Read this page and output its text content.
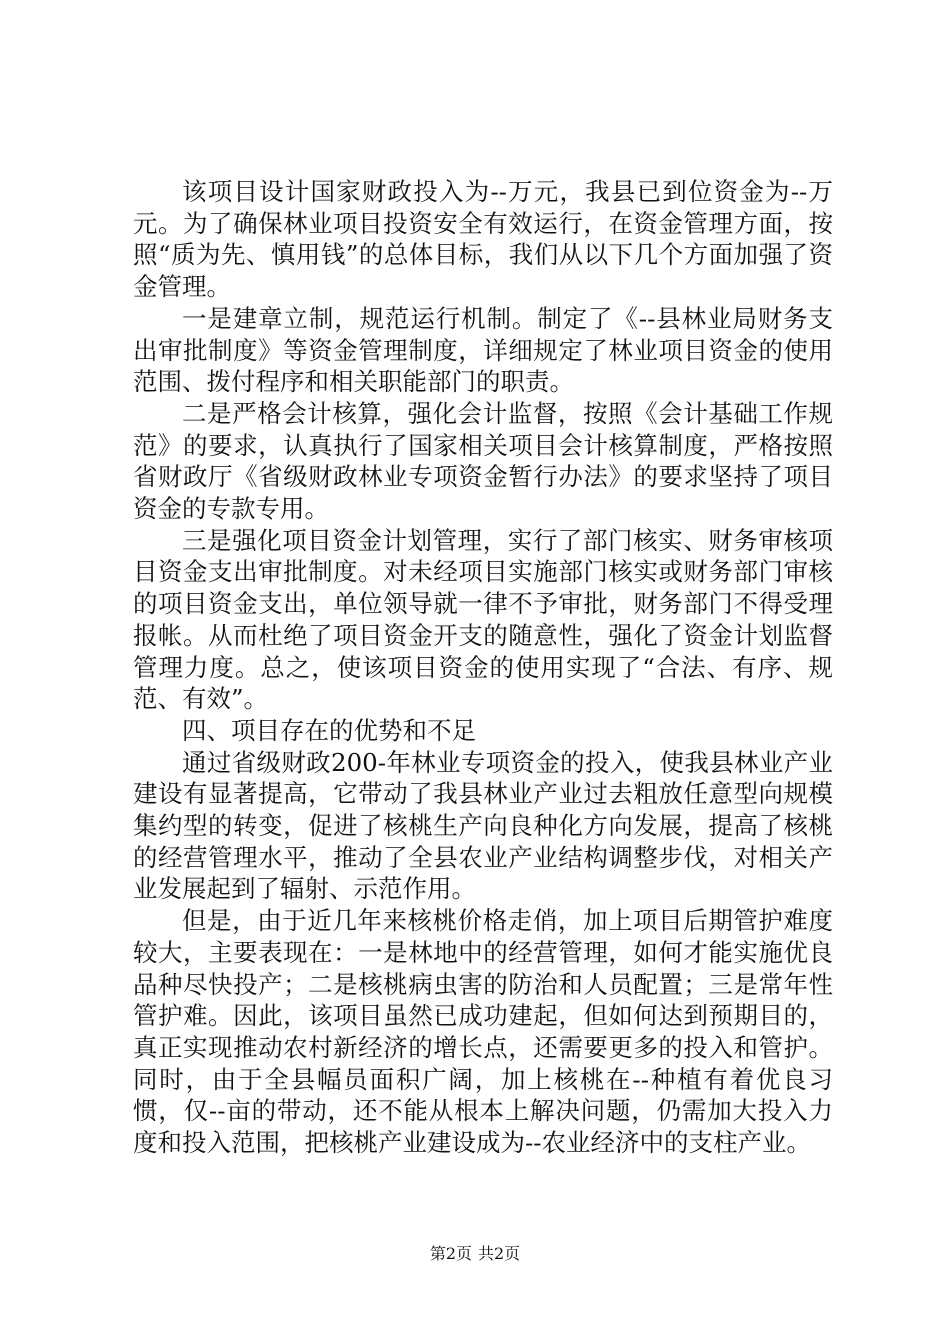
该项目设计国家财政投入为--万元，我县已到位资金为--万元。为了确保林业项目投资安全有效运行，在资金管理方面，按照“质为先、慎用钱”的总体目标，我们从以下几个方面加强了资金管理。

一是建章立制，规范运行机制。制定了《--县林业局财务支出审批制度》等资金管理制度，详细规定了林业项目资金的使用范围、拨付程序和相关职能部门的职责。

二是严格会计核算，强化会计监督，按照《会计基础工作规范》的要求，认真执行了国家相关项目会计核算制度，严格按照省财政厅《省级财政林业专项资金暂行办法》的要求坚持了项目资金的专款专用。

三是强化项目资金计划管理，实行了部门核实、财务审核项目资金支出审批制度。对未经项目实施部门核实或财务部门审核的项目资金支出，单位领导就一律不予审批，财务部门不得受理报帐。从而杜绝了项目资金开支的随意性，强化了资金计划监督管理力度。总之，使该项目资金的使用实现了“合法、有序、规范、有效”。

四、项目存在的优势和不足

通过省级财政200-年林业专项资金的投入，使我县林业产业建设有显著提高，它带动了我县林业产业过去粗放任意型向规模集约型的转变，促进了核桃生产向良种化方向发展，提高了核桃的经营管理水平，推动了全县农业产业结构调整步伐，对相关产业发展起到了辐射、示范作用。

但是，由于近几年来核桃价格走俏，加上项目后期管护难度较大，主要表现在：一是林地中的经营管理，如何才能实施优良品种尽快投产；二是核桃病虫害的防治和人员配置；三是常年性管护难。因此，该项目虽然已成功建起，但如何达到预期目的，真正实现推动农村新经济的增长点，还需要更多的投入和管护。同时，由于全县幅员面积广阔，加上核桃在--种植有着优良习惯，仅--亩的带动，还不能从根本上解决问题，仍需加大投入力度和投入范围，把核桃产业建设成为--农业经济中的支柱产业。

第2页 共2页
